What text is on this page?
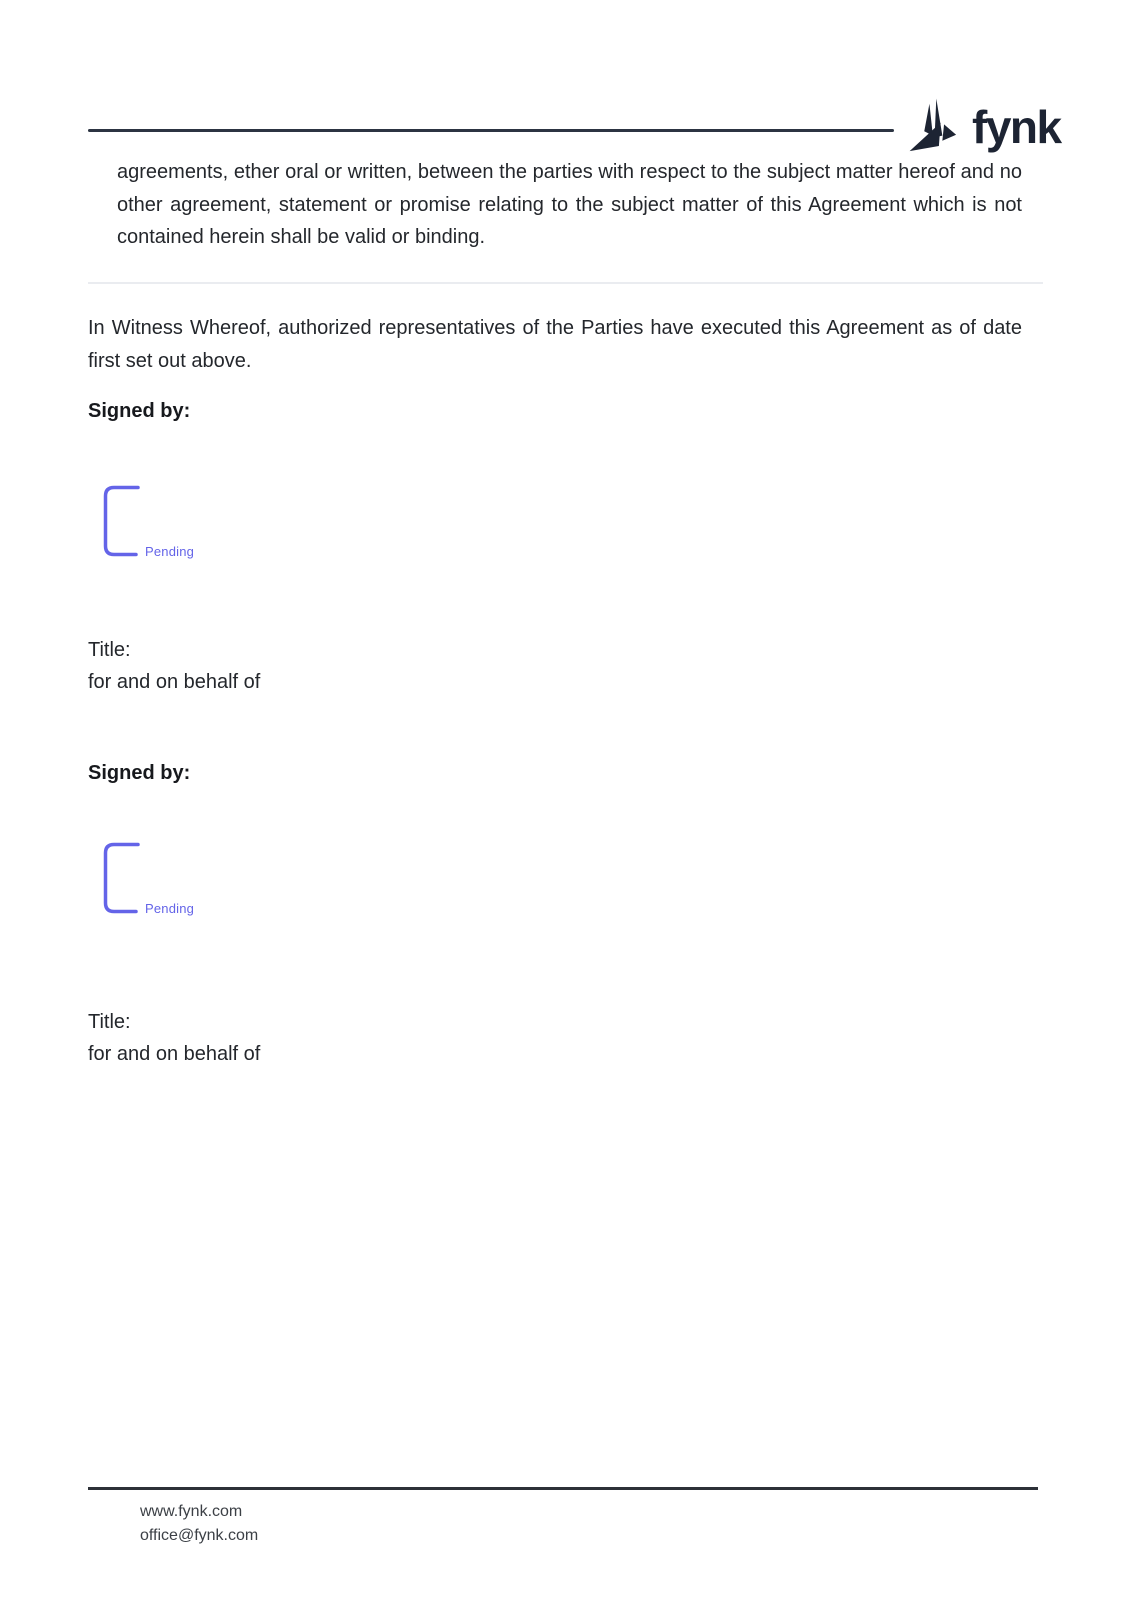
fynk
agreements, ether oral or written, between the parties with respect to the subject matter hereof and no other agreement, statement or promise relating to the subject matter of this Agreement which is not contained herein shall be valid or binding.
In Witness Whereof, authorized representatives of the Parties have executed this Agreement as of date first set out above.
Signed by:
Pending
Title:
for and on behalf of
Signed by:
Pending
Title:
for and on behalf of
www.fynk.com
office@fynk.com
